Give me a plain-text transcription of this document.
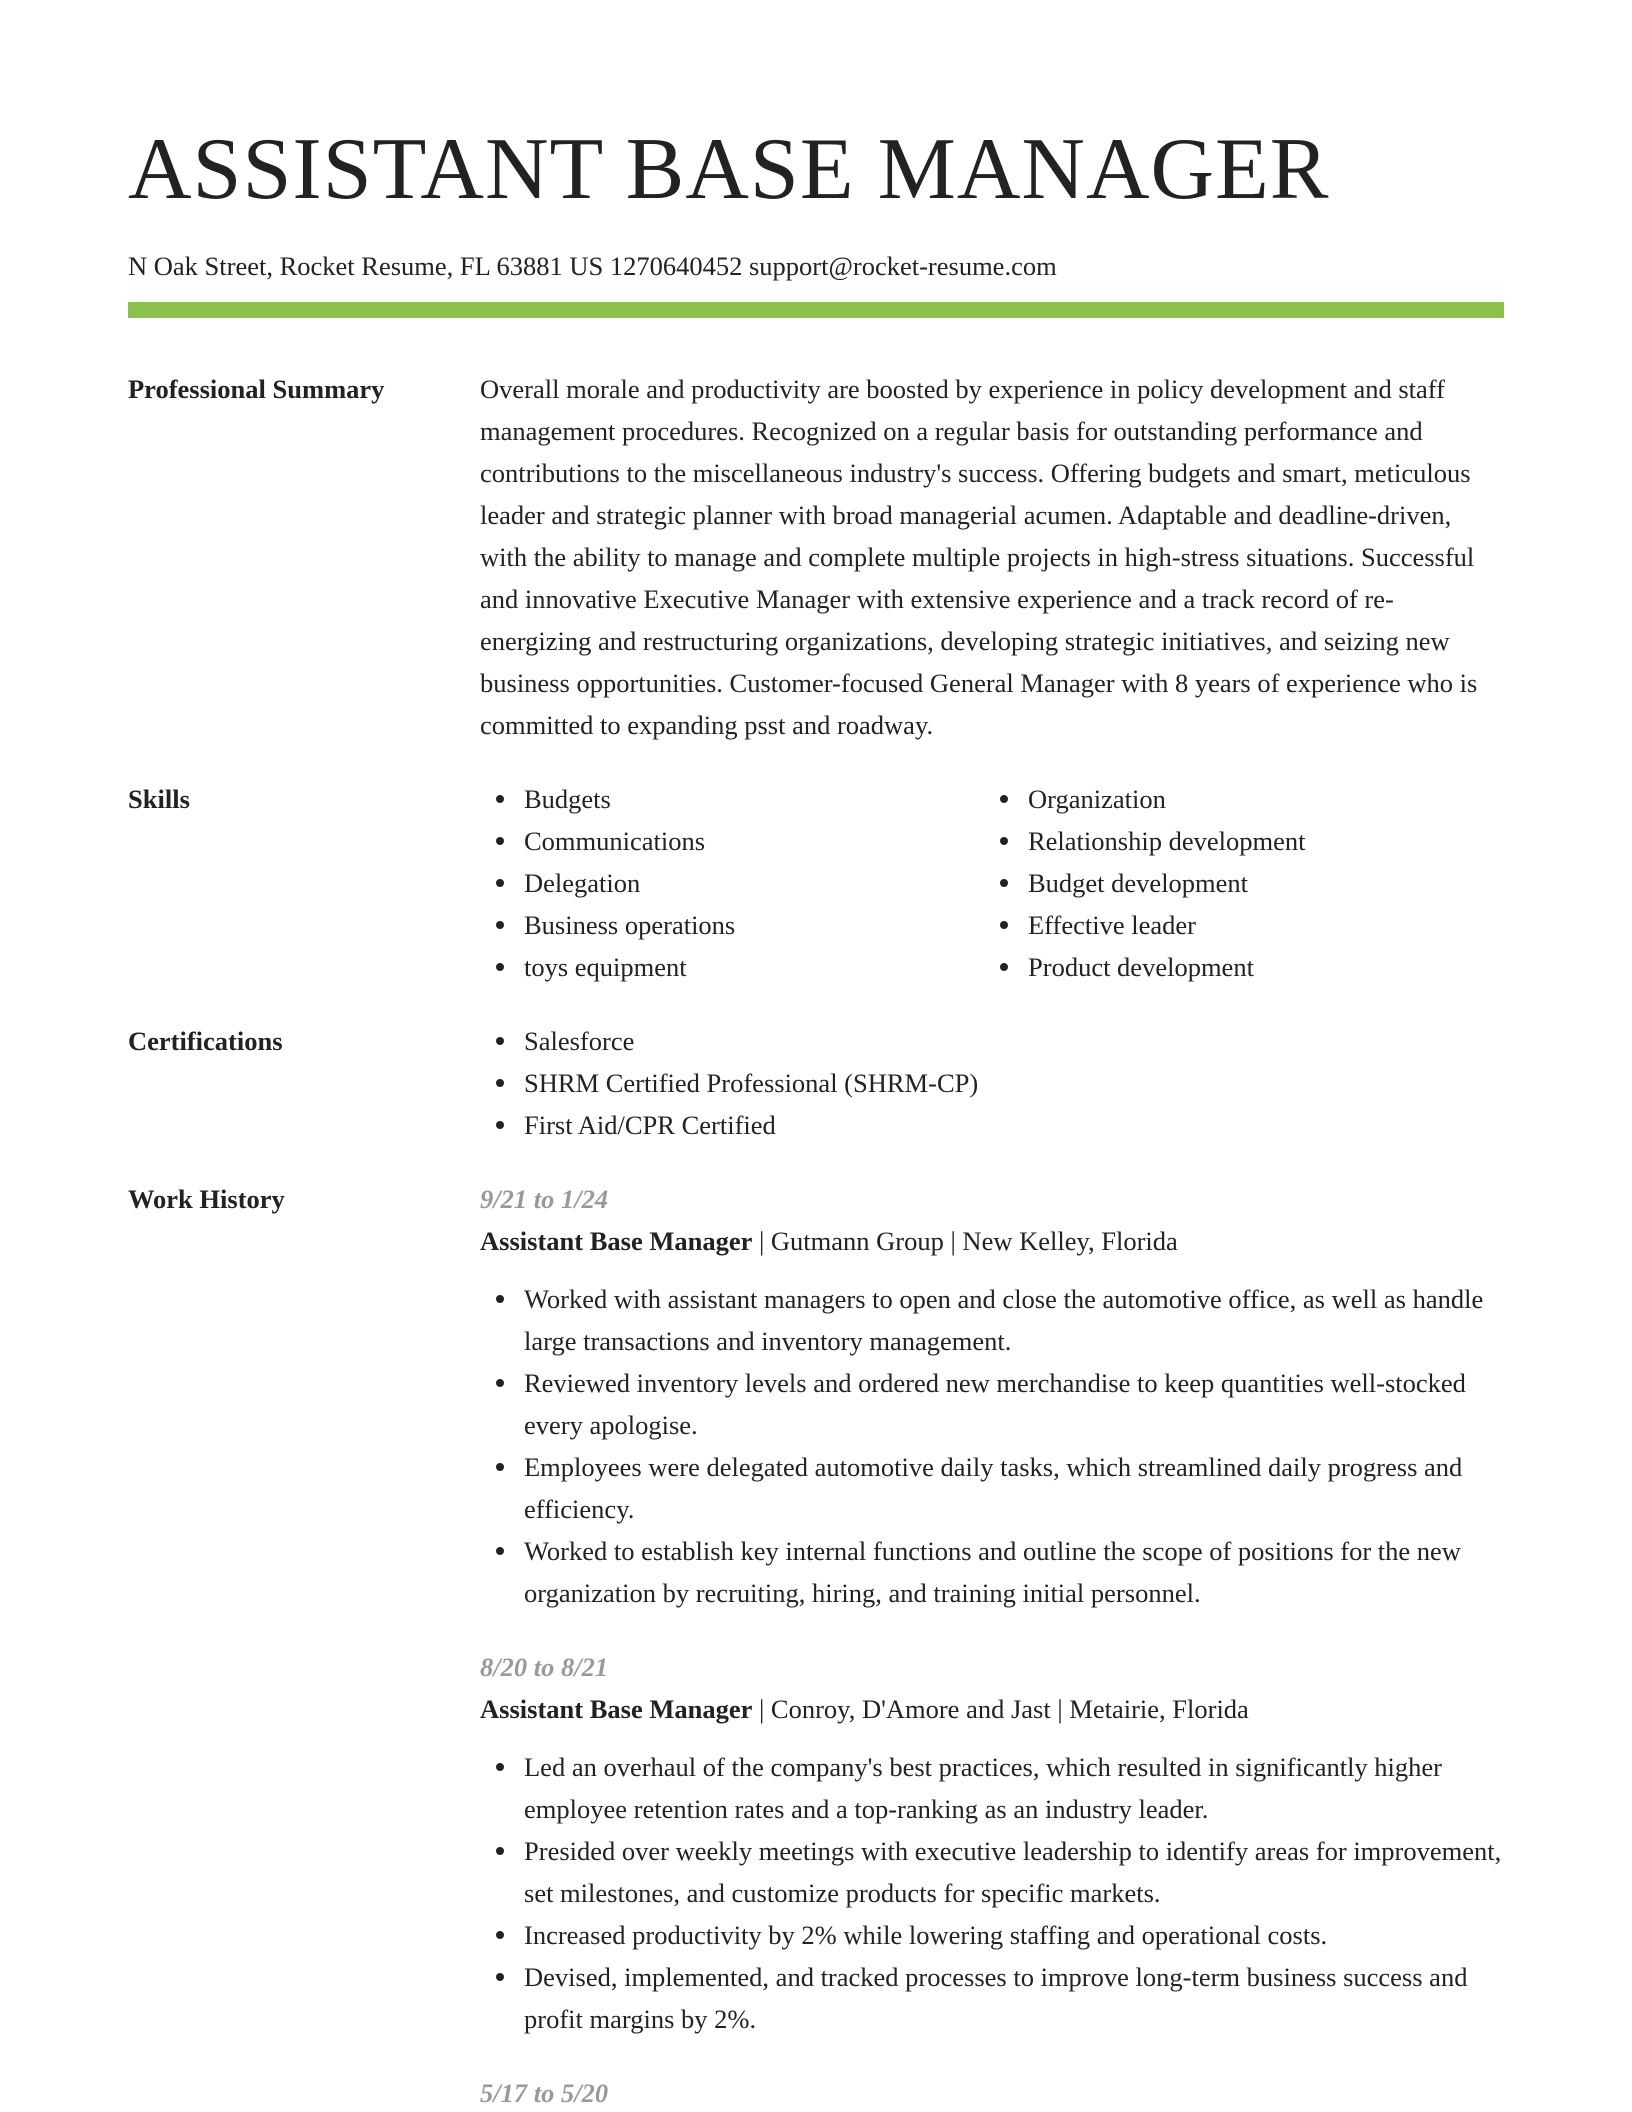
ASSISTANT BASE MANAGER
N Oak Street, Rocket Resume, FL 63881 US 1270640452 support@rocket-resume.com
Professional Summary	Overall morale and productivity are boosted by experience in policy development and staff management procedures. Recognized on a regular basis for outstanding performance and contributions to the miscellaneous industry's success. Offering budgets and smart, meticulous leader and strategic planner with broad managerial acumen. Adaptable and deadline-driven, with the ability to manage and complete multiple projects in high-stress situations. Successful and innovative Executive Manager with extensive experience and a track record of re-energizing and restructuring organizations, developing strategic initiatives, and seizing new business opportunities. Customer-focused General Manager with 8 years of experience who is committed to expanding psst and roadway.
Skills	Budgets
Communications
Delegation
Business operations
toys equipment
Organization
Relationship development
Budget development
Effective leader
Product development
Certifications	Salesforce
SHRM Certified Professional (SHRM-CP)
First Aid/CPR Certified
Work History	9/21 to 1/24
Assistant Base Manager | Gutmann Group | New Kelley, Florida
Worked with assistant managers to open and close the automotive office, as well as handle large transactions and inventory management.
Reviewed inventory levels and ordered new merchandise to keep quantities well-stocked every apologise.
Employees were delegated automotive daily tasks, which streamlined daily progress and efficiency.
Worked to establish key internal functions and outline the scope of positions for the new organization by recruiting, hiring, and training initial personnel.
8/20 to 8/21
Assistant Base Manager | Conroy, D'Amore and Jast | Metairie, Florida
Led an overhaul of the company's best practices, which resulted in significantly higher employee retention rates and a top-ranking as an industry leader.
Presided over weekly meetings with executive leadership to identify areas for improvement, set milestones, and customize products for specific markets.
Increased productivity by 2% while lowering staffing and operational costs.
Devised, implemented, and tracked processes to improve long-term business success and profit margins by 2%.
5/17 to 5/20
